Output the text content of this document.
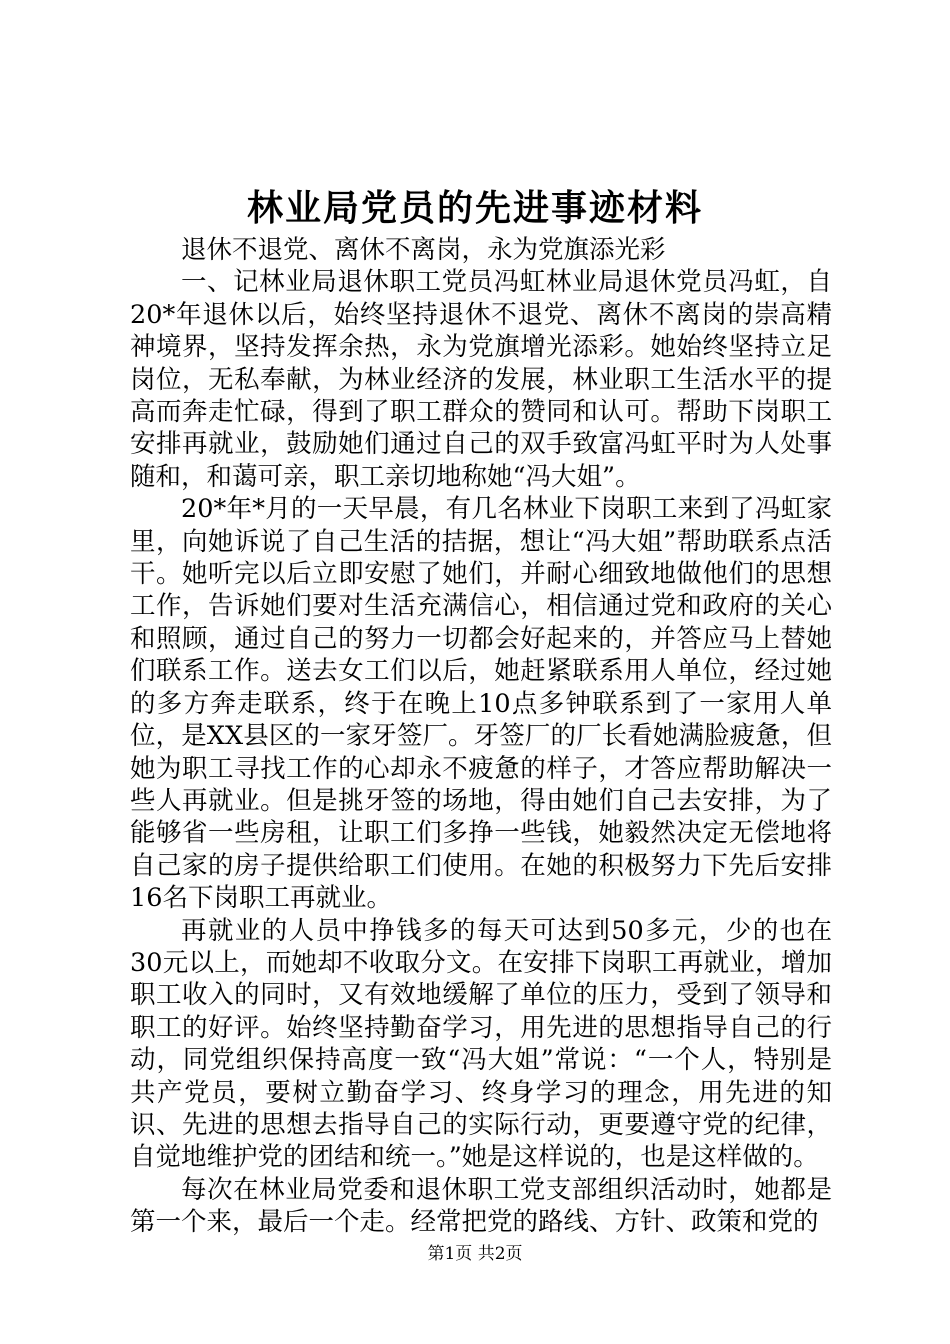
林业局党员的先进事迹材料

退休不退党、离休不离岗，永为党旗添光彩

一、记林业局退休职工党员冯虹林业局退休党员冯虹，自20*年退休以后，始终坚持退休不退党、离休不离岗的崇高精神境界，坚持发挥余热，永为党旗增光添彩。她始终坚持立足岗位，无私奉献，为林业经济的发展，林业职工生活水平的提高而奔走忙碌，得到了职工群众的赞同和认可。帮助下岗职工安排再就业，鼓励她们通过自己的双手致富冯虹平时为人处事随和，和蔼可亲，职工亲切地称她“冯大姐”。

20*年*月的一天早晨，有几名林业下岗职工来到了冯虹家里，向她诉说了自己生活的拮据，想让“冯大姐”帮助联系点活干。她听完以后立即安慰了她们，并耐心细致地做他们的思想工作，告诉她们要对生活充满信心，相信通过党和政府的关心和照顾，通过自己的努力一切都会好起来的，并答应马上替她们联系工作。送去女工们以后，她赶紧联系用人单位，经过她的多方奔走联系，终于在晚上10点多钟联系到了一家用人单位，是XX县区的一家牙签厂。牙签厂的厂长看她满脸疲惫，但她为职工寻找工作的心却永不疲惫的样子，才答应帮助解决一些人再就业。但是挑牙签的场地，得由她们自己去安排，为了能够省一些房租，让职工们多挣一些钱，她毅然决定无偿地将自己家的房子提供给职工们使用。在她的积极努力下先后安排16名下岗职工再就业。

再就业的人员中挣钱多的每天可达到50多元，少的也在30元以上，而她却不收取分文。在安排下岗职工再就业，增加职工收入的同时，又有效地缓解了单位的压力，受到了领导和职工的好评。始终坚持勤奋学习，用先进的思想指导自己的行动，同党组织保持高度一致“冯大姐”常说：“一个人，特别是共产党员，要树立勤奋学习、终身学习的理念，用先进的知识、先进的思想去指导自己的实际行动，更要遵守党的纪律，自觉地维护党的团结和统一。”她是这样说的，也是这样做的。

每次在林业局党委和退休职工党支部组织活动时，她都是第一个来，最后一个走。经常把党的路线、方针、政策和党的

第1页 共2页
